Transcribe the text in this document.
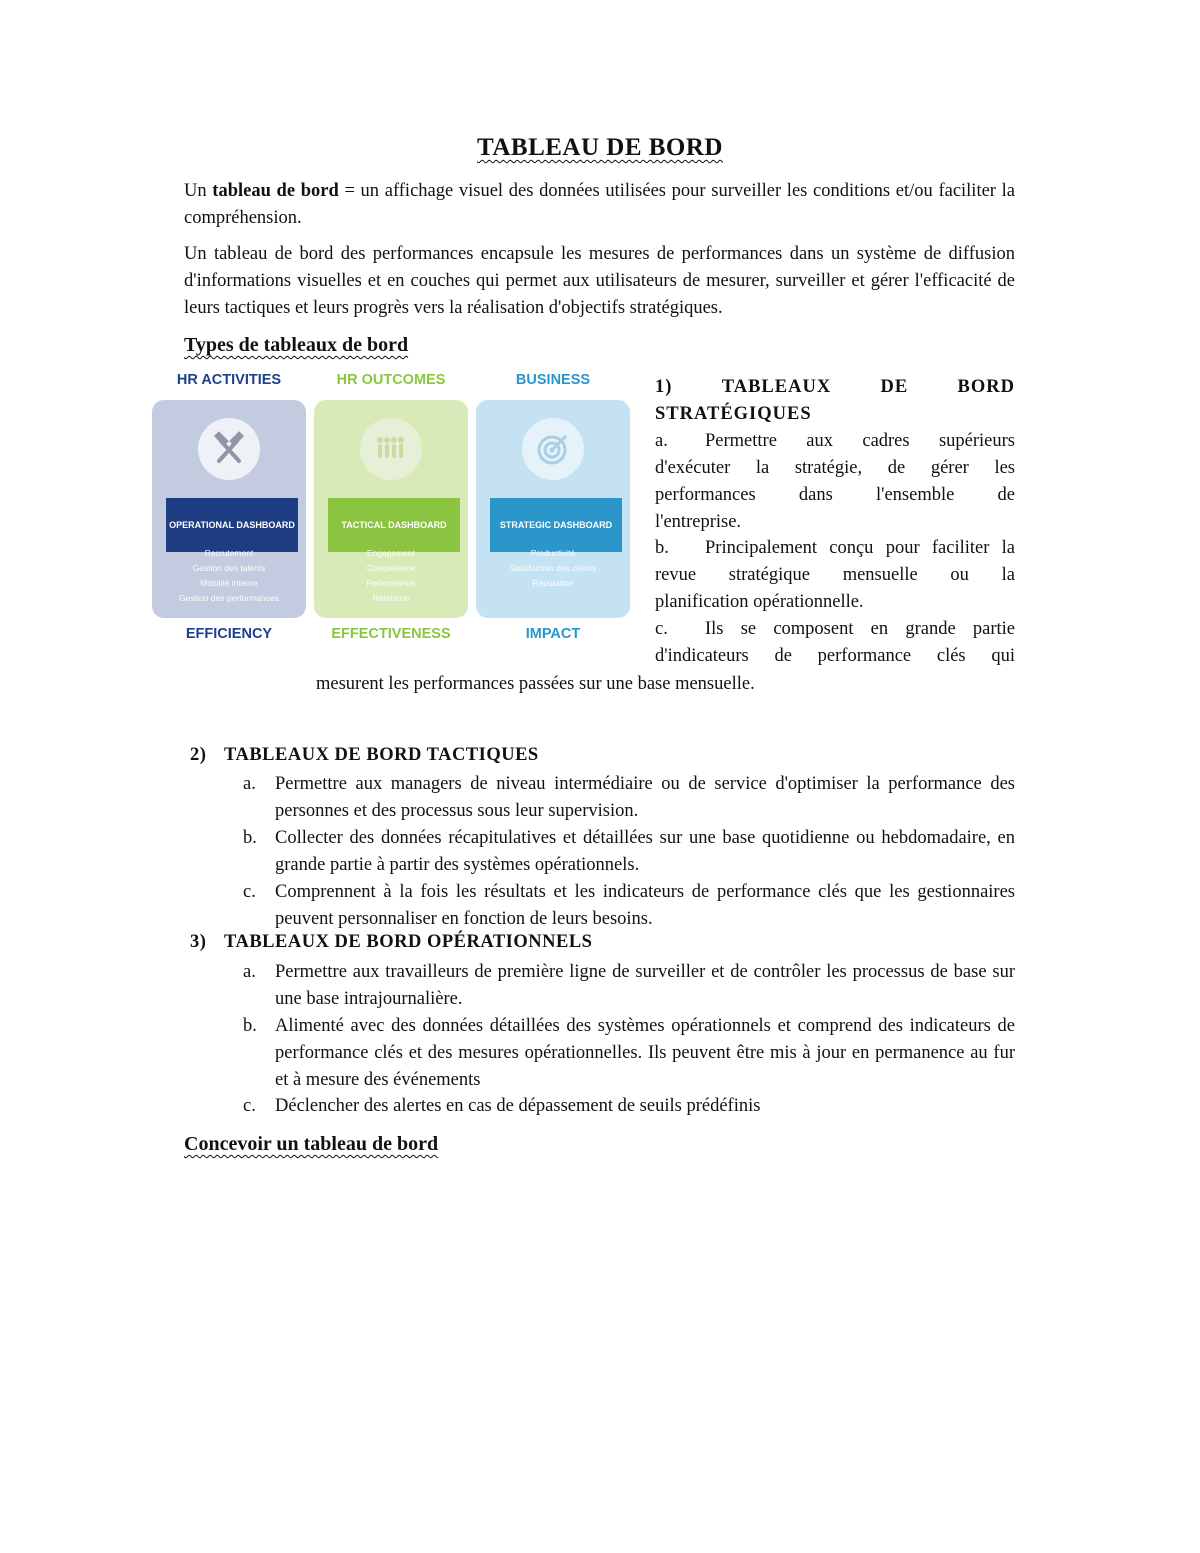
TABLEAU DE BORD

Un tableau de bord = un affichage visuel des données utilisées pour surveiller les conditions et/ou faciliter la compréhension.

Un tableau de bord des performances encapsule les mesures de performances dans un système de diffusion d'informations visuelles et en couches qui permet aux utilisateurs de mesurer, surveiller et gérer l'efficacité de leurs tactiques et leurs progrès vers la réalisation d'objectifs stratégiques.

Types de tableaux de bord
HR ACTIVITIES
OPERATIONAL DASHBOARD
Recrutement
Gestion des talents
Mobilité interne
Gestion des performances
EFFICIENCY
HR OUTCOMES
TACTICAL DASHBOARD
Engagement
Compétence
Performance
Rétention
EFFECTIVENESS
BUSINESS
STRATEGIC DASHBOARD
Productivité
Satisfaction des clients
Réputation
IMPACT
1)	TABLEAUX	DE	BORD
STRATÉGIQUES
a. Permettre aux cadres supérieurs
d'exécuter la stratégie, de gérer les
performances dans l'ensemble de
l'entreprise.
b. Principalement conçu pour faciliter la
revue stratégique mensuelle ou la
planification opérationnelle.
c. Ils se composent en grande partie
d'indicateurs de performance clés qui
mesurent les performances passées sur une base mensuelle.
2) TABLEAUX DE BORD TACTIQUES
a. Permettre aux managers de niveau intermédiaire ou de service d'optimiser la performance des personnes et des processus sous leur supervision.
b. Collecter des données récapitulatives et détaillées sur une base quotidienne ou hebdomadaire, en grande partie à partir des systèmes opérationnels.
c. Comprennent à la fois les résultats et les indicateurs de performance clés que les gestionnaires peuvent personnaliser en fonction de leurs besoins.
3) TABLEAUX DE BORD OPÉRATIONNELS
a. Permettre aux travailleurs de première ligne de surveiller et de contrôler les processus de base sur une base intrajournalière.
b. Alimenté avec des données détaillées des systèmes opérationnels et comprend des indicateurs de performance clés et des mesures opérationnelles. Ils peuvent être mis à jour en permanence au fur et à mesure des événements
c. Déclencher des alertes en cas de dépassement de seuils prédéfinis
Concevoir un tableau de bord
